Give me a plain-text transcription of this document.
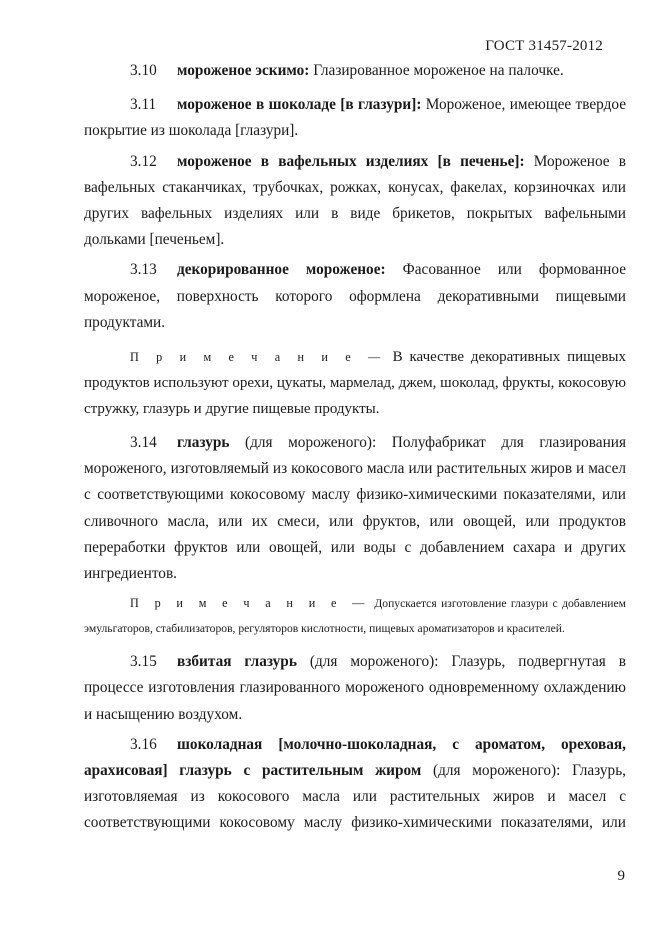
ГОСТ 31457-2012

3.10 мороженое эскимо: Глазированное мороженое на палочке.

3.11 мороженое в шоколаде [в глазури]: Мороженое, имеющее твердое покрытие из шоколада [глазури].

3.12 мороженое в вафельных изделиях [в печенье]: Мороженое в вафельных стаканчиках, трубочках, рожках, конусах, факелах, корзиночках или других вафельных изделиях или в виде брикетов, покрытых вафельными дольками [печеньем].

3.13 декорированное мороженое: Фасованное или формованное мороженое, поверхность которого оформлена декоративными пищевыми продуктами.

П р и м е ч а н и е — В качестве декоративных пищевых продуктов используют орехи, цукаты, мармелад, джем, шоколад, фрукты, кокосовую стружку, глазурь и другие пищевые продукты.

3.14 глазурь (для мороженого): Полуфабрикат для глазирования мороженого, изготовляемый из кокосового масла или растительных жиров и масел с соответствующими кокосовому маслу физико-химическими показателями, или сливочного масла, или их смеси, или фруктов, или овощей, или продуктов переработки фруктов или овощей, или воды с добавлением сахара и других ингредиентов.

П р и м е ч а н и е — Допускается изготовление глазури с добавлением эмульгаторов, стабилизаторов, регуляторов кислотности, пищевых ароматизаторов и красителей.

3.15 взбитая глазурь (для мороженого): Глазурь, подвергнутая в процессе изготовления глазированного мороженого одновременному охлаждению и насыщению воздухом.

3.16 шоколадная [молочно-шоколадная, с ароматом, ореховая, арахисовая] глазурь с растительным жиром (для мороженого): Глазурь, изготовляемая из кокосового масла или растительных жиров и масел с соответствующими кокосовому маслу физико-химическими показателями, или

9
